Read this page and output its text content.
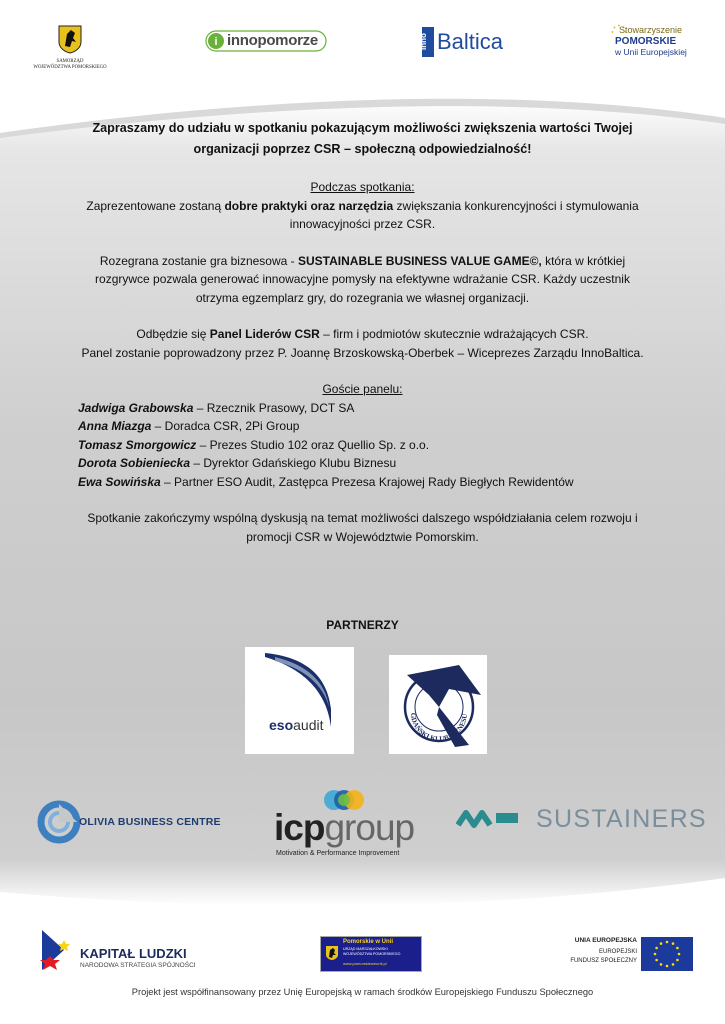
SAMORZĄD
WOJEWÓDZTWA POMORSKIEGO
i innopomorze	Inno Baltica	Stowarzyszenie
POMORSKIE
w Unii Europejskiej
Zapraszamy do udziału w spotkaniu pokazującym możliwości zwiększenia wartości Twojej
organizacji poprzez CSR – społeczną odpowiedzialność!
Podczas spotkania:
Zaprezentowane zostaną dobre praktyki oraz narzędzia zwiększania konkurencyjności i stymulowania
innowacyjności przez CSR.
Rozegrana zostanie gra biznesowa - SUSTAINABLE BUSINESS VALUE GAME©, która w krótkiej
rozgrywce pozwala generować innowacyjne pomysły na efektywne wdrażanie CSR. Każdy uczestnik
otrzyma egzemplarz gry, do rozegrania we własnej organizacji.
Odbędzie się Panel Liderów CSR – firm i podmiotów skutecznie wdrażających CSR.
Panel zostanie poprowadzony przez P. Joannę Brzoskowską-Oberbek – Wiceprezes Zarządu InnoBaltica.
Goście panelu:
Jadwiga Grabowska – Rzecznik Prasowy, DCT SA
Anna Miazga – Doradca CSR, 2Pi Group
Tomasz Smorgowicz – Prezes Studio 102 oraz Quellio Sp. z o.o.
Dorota Sobieniecka – Dyrektor Gdańskiego Klubu Biznesu
Ewa Sowińska – Partner ESO Audit, Zastępca Prezesa Krajowej Rady Biegłych Rewidentów
Spotkanie zakończymy wspólną dyskusją na temat możliwości dalszego współdziałania celem rozwoju i
promocji CSR w Województwie Pomorskim.
PARTNERZY
esoaudit
GDAŃSKI KLUB BIZNESU
OLIVIA BUSINESS CENTRE icpgroup
Motivation & Performance Improvement
SUSTAINERS
KAPITAŁ LUDZKI
NARODOWA STRATEGIA SPÓJNOŚCI
Pomorskie w Unii
URZĄD MARSZAŁKOWSKI
WOJEWÓDZTWA POMORSKIEGO
www.pomorskieweunii.pl
UNIA EUROPEJSKA
EUROPEJSKI
FUNDUSZ SPOŁECZNY
Projekt jest współfinansowany przez Unię Europejską w ramach środków Europejskiego Funduszu Społecznego
